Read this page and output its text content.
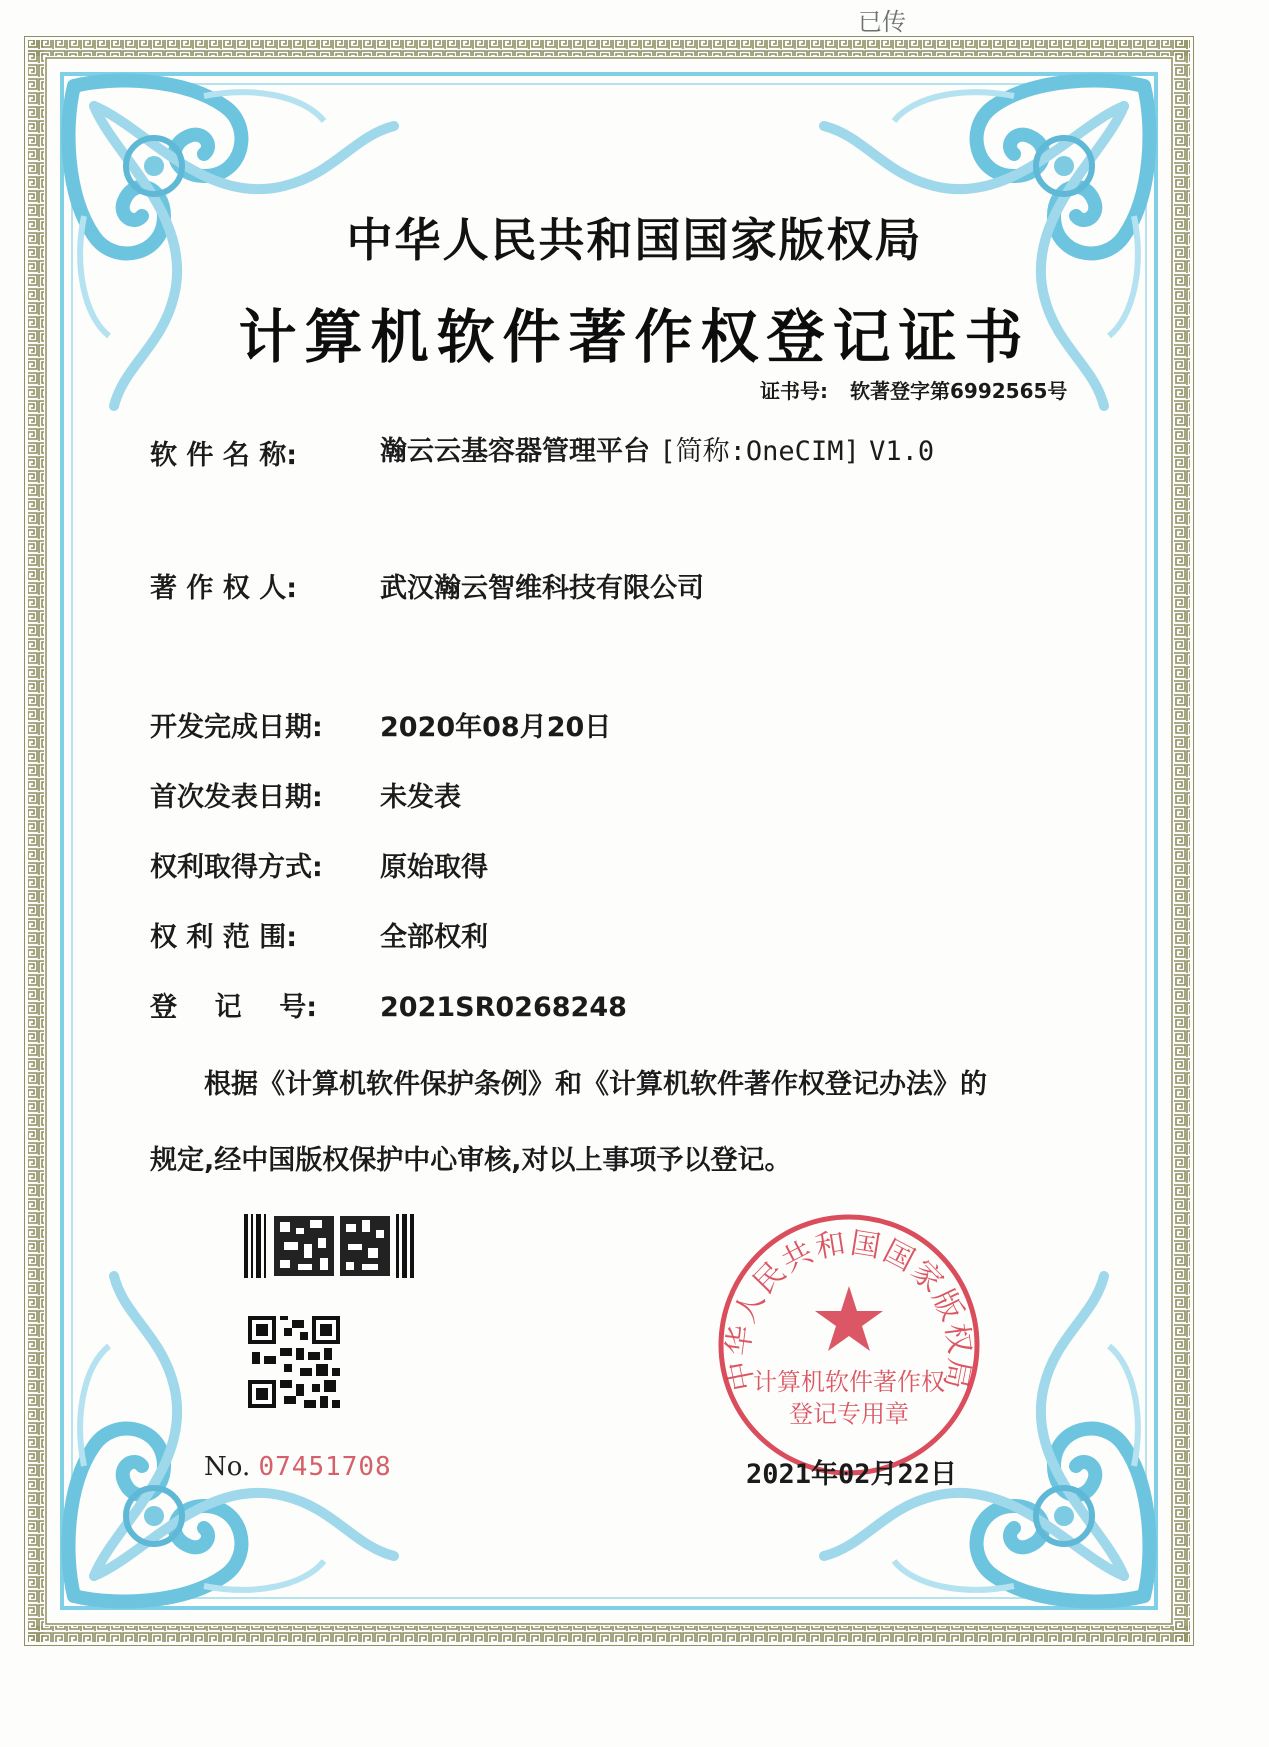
已传
中华人民共和国国家版权局
计算机软件著作权登记证书
证书号: 软著登字第6992565号
软 件 名 称:	瀚云云基容器管理平台 [简称:OneCIM] V1.0
著 作 权 人:	武汉瀚云智维科技有限公司
开发完成日期: 2020年08月20日
首次发表日期: 未发表
权利取得方式: 原始取得
权 利 范 围:	全部权利
登    记    号: 2021SR0268248
根据《计算机软件保护条例》和《计算机软件著作权登记办法》的
规定,经中国版权保护中心审核,对以上事项予以登记。
No. 07451708
中华人民共和国国家版权局
计算机软件著作权
登记专用章
2021年02月22日
